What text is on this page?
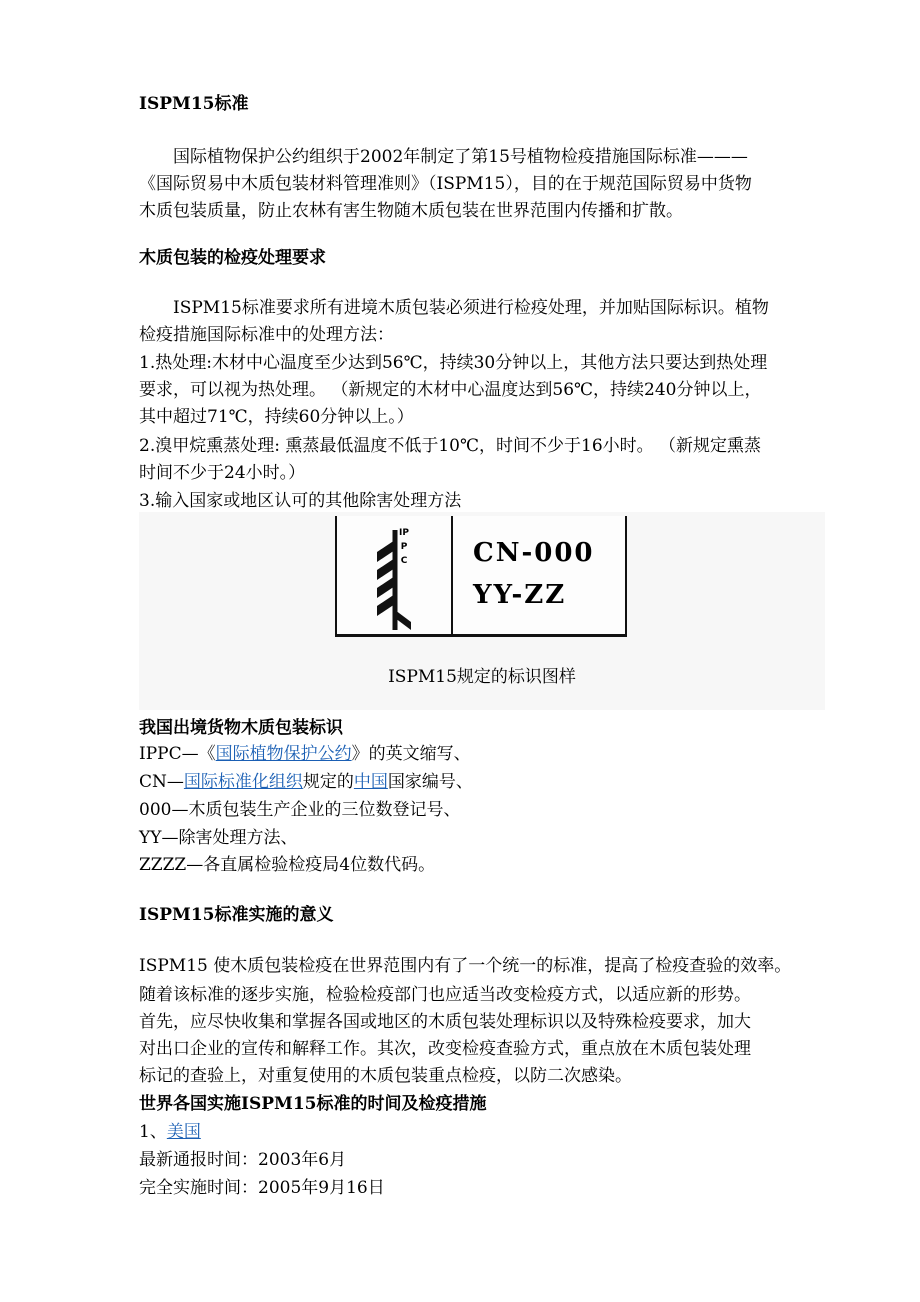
ISPM15标准
国际植物保护公约组织于2002年制定了第15号植物检疫措施国际标准———
《国际贸易中木质包装材料管理准则》（ISPM15），目的在于规范国际贸易中货物
木质包装质量，防止农林有害生物随木质包装在世界范围内传播和扩散。
木质包装的检疫处理要求
ISPM15标准要求所有进境木质包装必须进行检疫处理，并加贴国际标识。植物
检疫措施国际标准中的处理方法：
1.热处理:木材中心温度至少达到56℃，持续30分钟以上，其他方法只要达到热处理
要求，可以视为热处理。 （新规定的木材中心温度达到56℃，持续240分钟以上，
其中超过71℃，持续60分钟以上。）
2.溴甲烷熏蒸处理: 熏蒸最低温度不低于10℃，时间不少于16小时。 （新规定熏蒸
时间不少于24小时。）
3.输入国家或地区认可的其他除害处理方法
IPPC	CN-000
YY-ZZ
ISPM15规定的标识图样
我国出境货物木质包装标识
IPPC—《国际植物保护公约》的英文缩写、
CN—国际标准化组织规定的中国国家编号、
000—木质包装生产企业的三位数登记号、
YY—除害处理方法、
ZZZZ—各直属检验检疫局4位数代码。
ISPM15标准实施的意义
ISPM15 使木质包装检疫在世界范围内有了一个统一的标准，提高了检疫查验的效率。
随着该标准的逐步实施，检验检疫部门也应适当改变检疫方式，以适应新的形势。
首先，应尽快收集和掌握各国或地区的木质包装处理标识以及特殊检疫要求，加大
对出口企业的宣传和解释工作。其次，改变检疫查验方式，重点放在木质包装处理
标记的查验上，对重复使用的木质包装重点检疫，以防二次感染。
世界各国实施ISPM15标准的时间及检疫措施
1、美国
最新通报时间：2003年6月
完全实施时间：2005年9月16日
